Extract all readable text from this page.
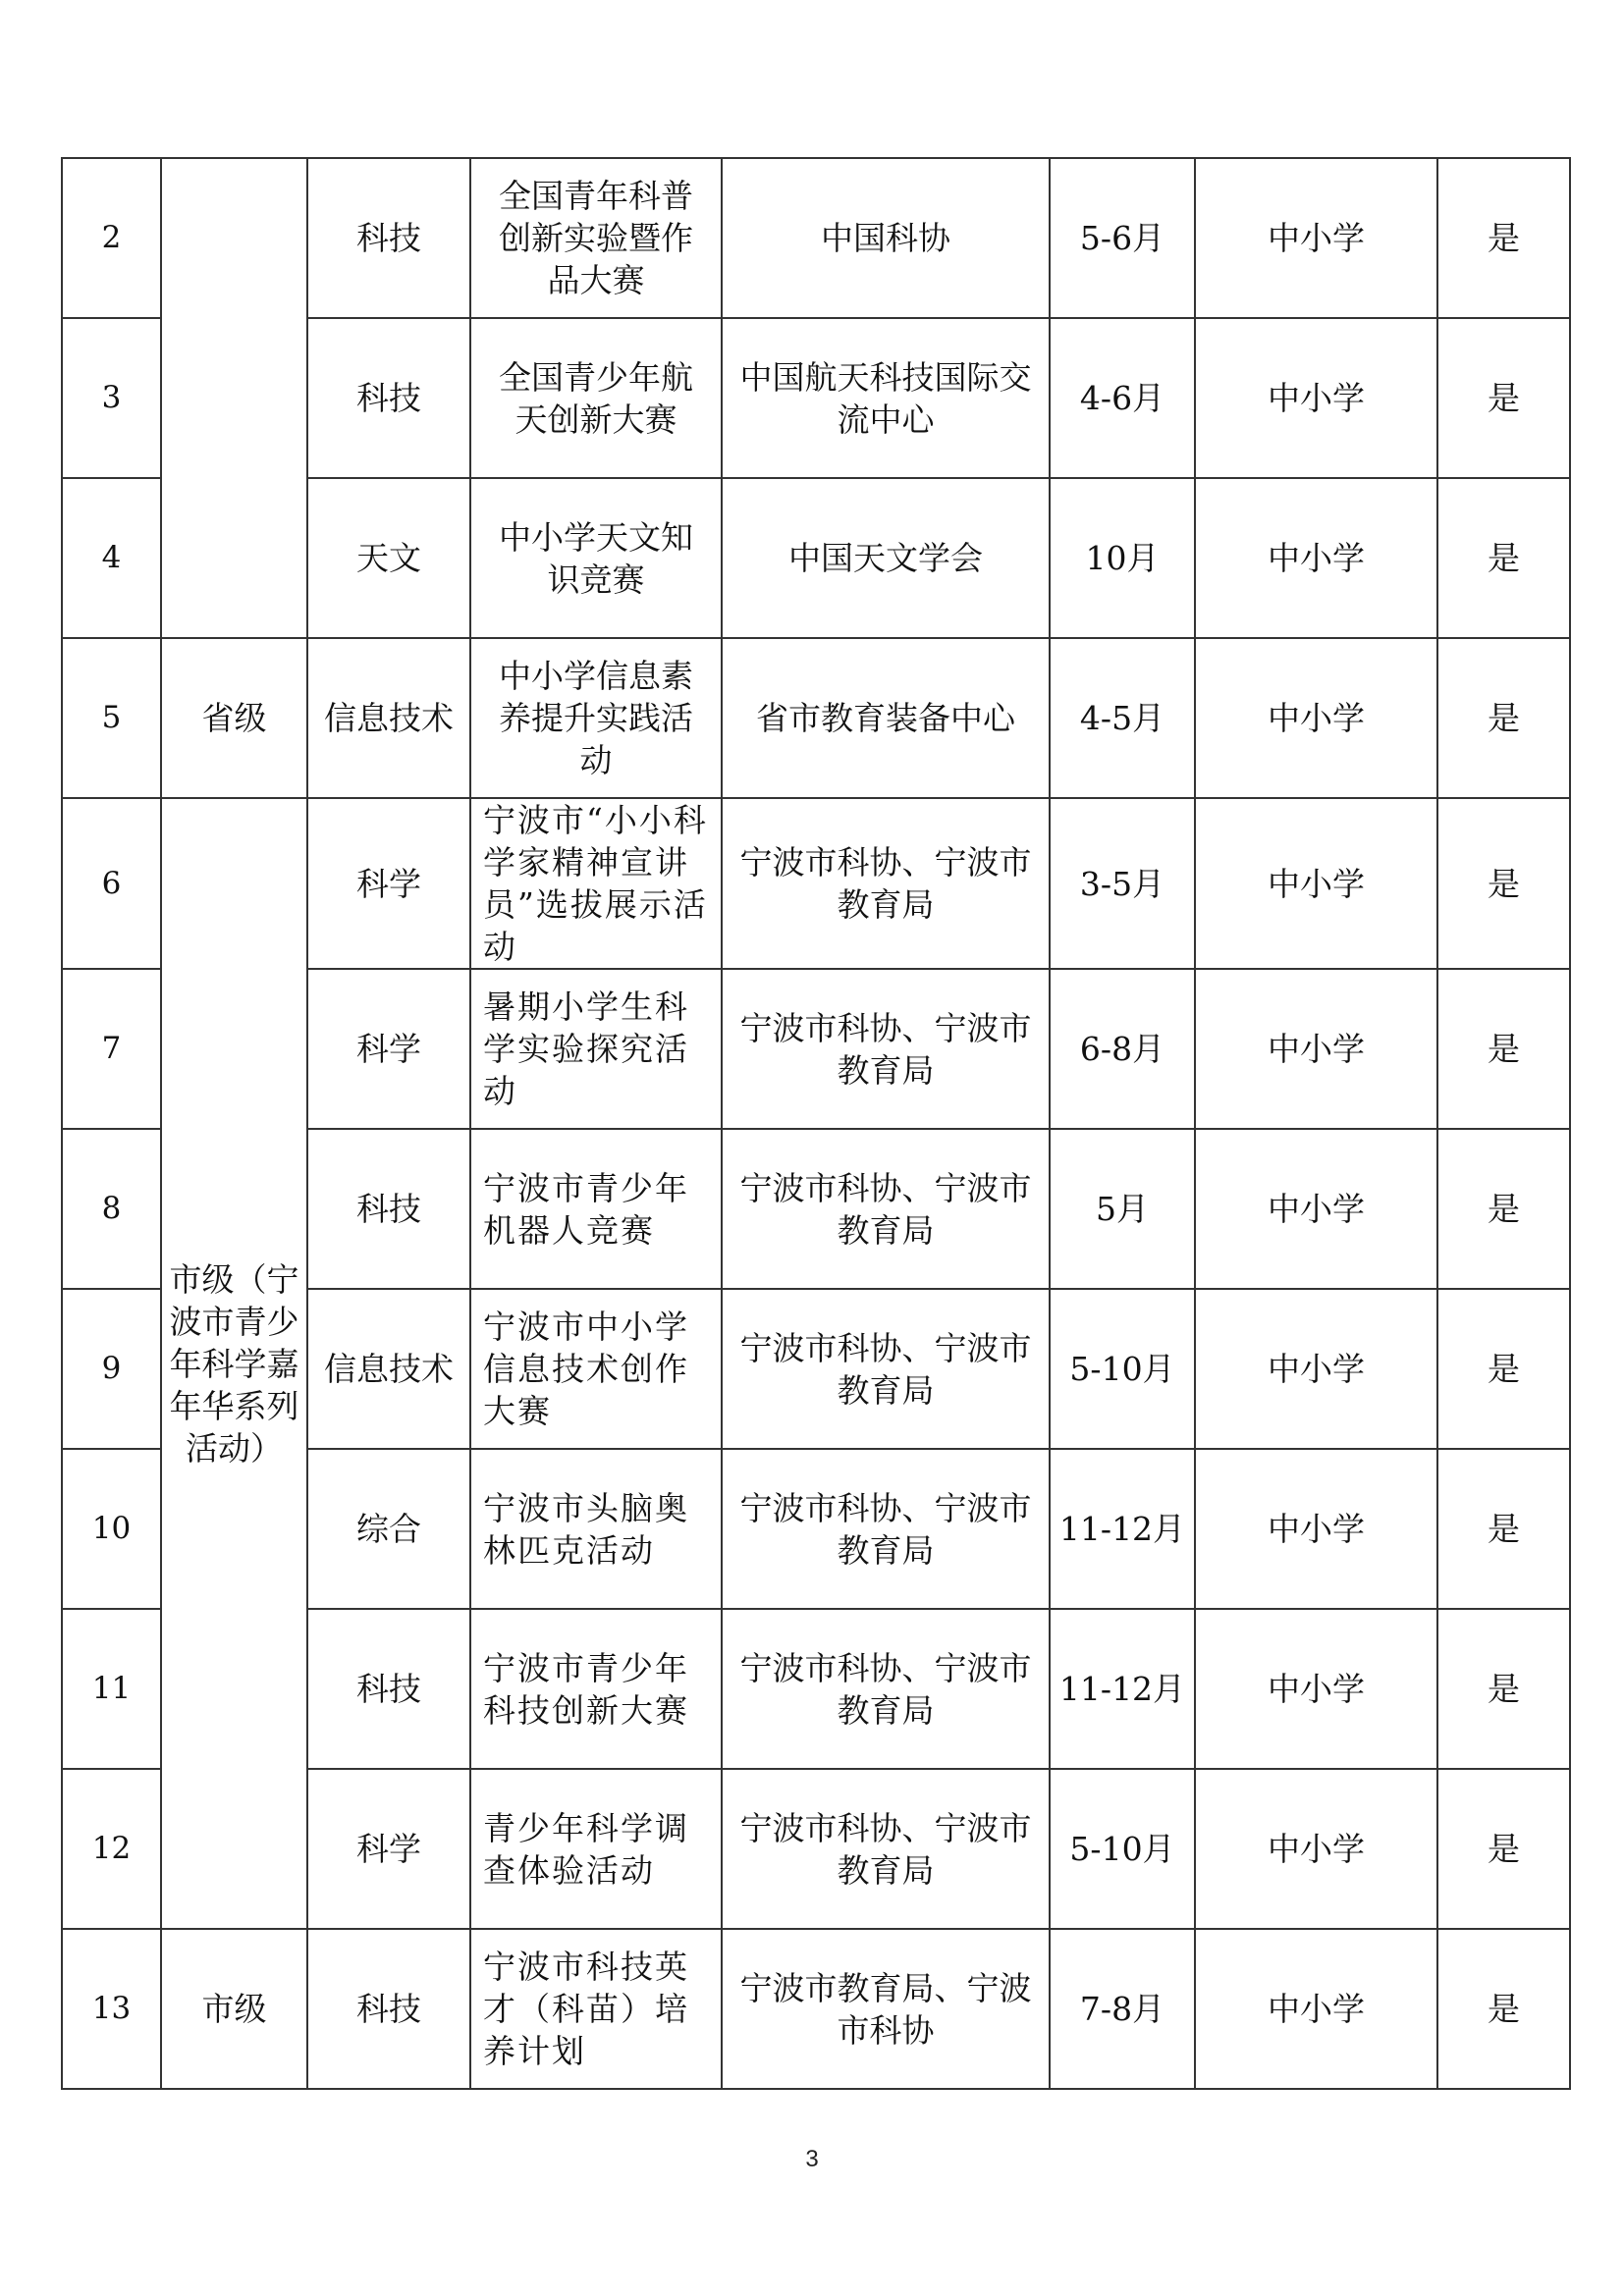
2		科技	全国青年科普创新实验暨作品大赛	中国科协	5-6月	中小学	是
3		科技	全国青少年航天创新大赛	中国航天科技国际交流中心	4-6月	中小学	是
4		天文	中小学天文知识竞赛	中国天文学会	10月	中小学	是
5	省级	信息技术	中小学信息素养提升实践活动	省市教育装备中心	4-5月	中小学	是
6	市级（宁波市青少年科学嘉年华系列活动）	科学	宁波市“小小科学家精神宣讲员”选拔展示活动	宁波市科协、宁波市教育局	3-5月	中小学	是
7		科学	暑期小学生科学实验探究活动	宁波市科协、宁波市教育局	6-8月	中小学	是
8		科技	宁波市青少年机器人竞赛	宁波市科协、宁波市教育局	5月	中小学	是
9		信息技术	宁波市中小学信息技术创作大赛	宁波市科协、宁波市教育局	5-10月	中小学	是
10		综合	宁波市头脑奥林匹克活动	宁波市科协、宁波市教育局	11-12月	中小学	是
11		科技	宁波市青少年科技创新大赛	宁波市科协、宁波市教育局	11-12月	中小学	是
12		科学	青少年科学调查体验活动	宁波市科协、宁波市教育局	5-10月	中小学	是
13	市级	科技	宁波市科技英才（科苗）培养计划	宁波市教育局、宁波市科协	7-8月	中小学	是
3
